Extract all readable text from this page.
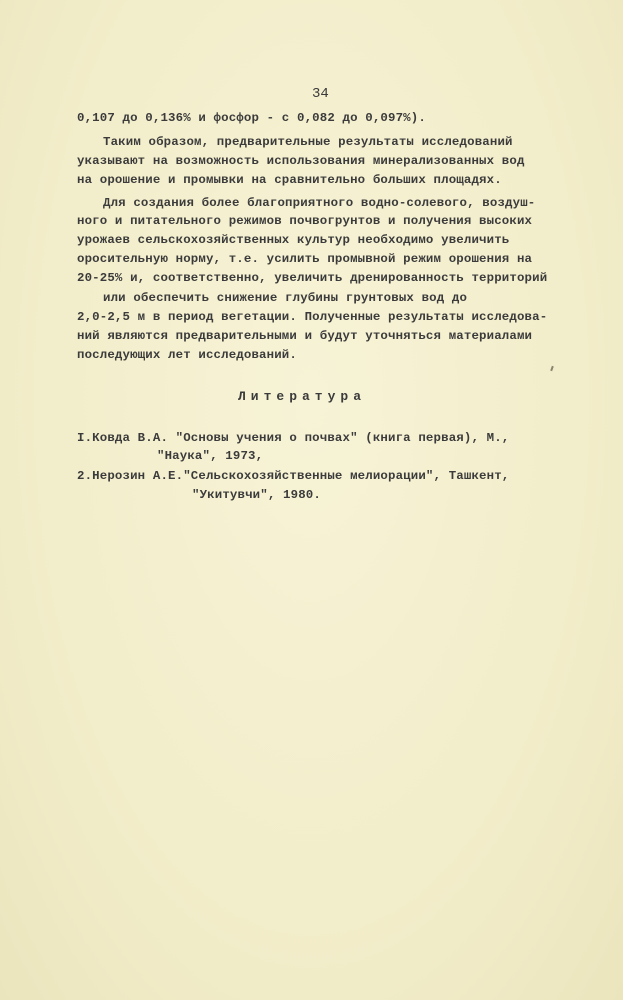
34
0,107 до 0,136% и фосфор - с 0,082 до 0,097%).
Таким образом, предварительные результаты исследований
указывают на возможность использования минерализованных вод
на орошение и промывки на сравнительно больших площадях.
Для создания более благоприятного водно-солевого, воздуш-
ного и питательного режимов почвогрунтов и получения высоких
урожаев сельскохозяйственных культур необходимо увеличить
оросительную норму, т.е. усилить промывной режим орошения на
20-25% и, соответственно, увеличить дренированность территорий
или обеспечить снижение глубины грунтовых вод до
2,0-2,5 м в период вегетации. Полученные результаты исследова-
ний являются предварительными и будут уточняться материалами
последующих лет исследований.
Литература
I.Ковда В.А. "Основы учения о почвах" (книга первая), М.,
"Наука", 1973,
2.Нерозин А.Е."Сельскохозяйственные мелиорации", Ташкент,
"Укитувчи", 1980.
